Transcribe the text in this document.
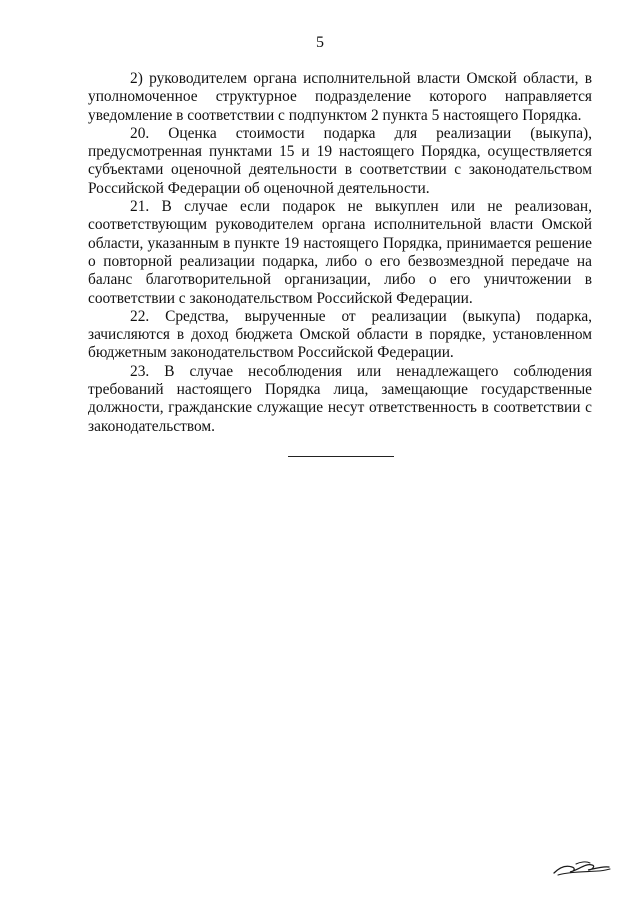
5

2) руководителем органа исполнительной власти Омской области, в уполномоченное структурное подразделение которого направляется уведомление в соответствии с подпунктом 2 пункта 5 настоящего Порядка.

20. Оценка стоимости подарка для реализации (выкупа), предусмотренная пунктами 15 и 19 настоящего Порядка, осуществляется субъектами оценочной деятельности в соответствии с законодательством Российской Федерации об оценочной деятельности.

21. В случае если подарок не выкуплен или не реализован, соответствующим руководителем органа исполнительной власти Омской области, указанным в пункте 19 настоящего Порядка, принимается решение о повторной реализации подарка, либо о его безвозмездной передаче на баланс благотворительной организации, либо о его уничтожении в соответствии с законодательством Российской Федерации.

22. Средства, вырученные от реализации (выкупа) подарка, зачисляются в доход бюджета Омской области в порядке, установленном бюджетным законодательством Российской Федерации.

23. В случае несоблюдения или ненадлежащего соблюдения требований настоящего Порядка лица, замещающие государственные должности, гражданские служащие несут ответственность в соответствии с законодательством.
